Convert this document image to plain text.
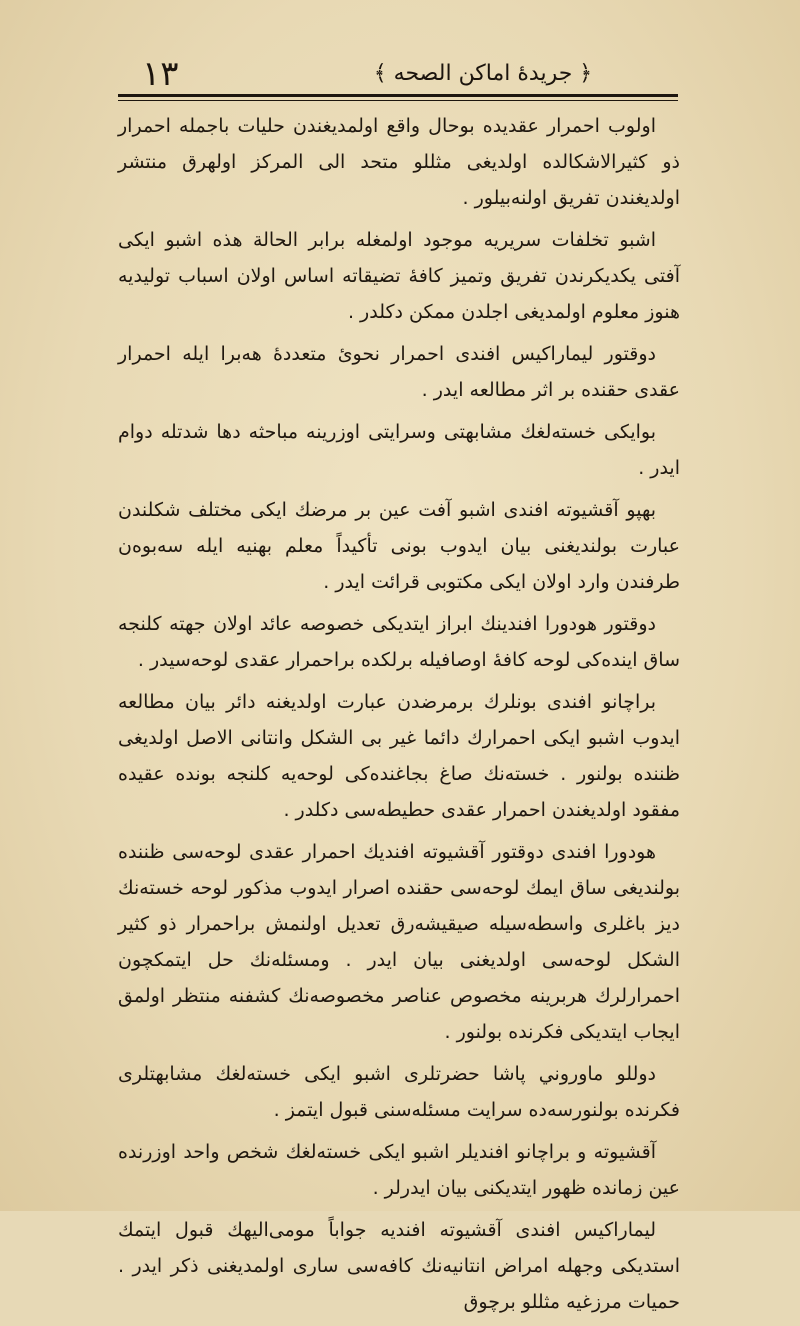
١٣	﴿ جريدهٔ اماكن الصحه ﴾

اولوب احمرار عقديده بوحال واقع اولمديغندن حليات باجمله احمرار ذو كثيرالاشكالده اولديغى مثللو متحد الى المركز اولهرق منتشر اولديغندن تفريق اولنه‌بيلور .

اشبو تخلفات سريريه موجود اولمغله برابر الحالة هذه اشبو ايكى آفتى يكديكرندن تفريق وتميز كافهٔ تضيقاته اساس اولان اسباب توليديه هنوز معلوم اولمديغى اجلدن ممكن دكلدر .

دوقتور ليماراكيس افندى احمرار نحوىٔ متعددهٔ هه‌برا ايله احمرار عقدى حقنده بر اثر مطالعه ايدر .

بوايكى خسته‌لغك مشابهتى وسرايتى اوزرينه مباحثه دها شدتله دوام ايدر .

بهپو آقشيوته افندى اشبو آفت عين بر مرضك ايكى مختلف شكلندن عبارت بولنديغنى بيان ايدوب بونى تأكيداً معلم بهنيه ايله سه‌بوه‌ن طرفندن وارد اولان ايكى مكتوبى قرائت ايدر .

دوقتور هودورا افندينك ابراز ايتديكى خصوصه عائد اولان جهته كلنجه ساق اينده‌كى لوحه كافهٔ اوصافيله برلكده براحمرار عقدى لوحه‌سيدر .

براچانو افندى بونلرك برمرضدن عبارت اولديغنه دائر بيان مطالعه ايدوب اشبو ايكى احمرارك دائما غير بى الشكل وانتانى الاصل اولديغى ظننده بولنور . خسته‌نك صاغ بجاغنده‌كى لوحه‌يه كلنجه بونده عقيده مفقود اولديغندن احمرار عقدى حطيطه‌سى دكلدر .

هودورا افندى دوقتور آقشيوته افنديك احمرار عقدى لوحه‌سى ظننده بولنديغى ساق ايمك لوحه‌سى حقنده اصرار ايدوب مذكور لوحه خسته‌نك ديز باغلرى واسطه‌سيله صيقيشه‌رق تعديل اولنمش براحمرار ذو كثير الشكل لوحه‌سى اولديغنى بيان ايدر . ومسئله‌نك حل ايتمكچون احمرارلرك هربرينه مخصوص عناصر مخصوصه‌نك كشفنه منتظر اولمق ايجاب ايتديكى فكرنده بولنور .

دوللو ماوروني پاشا حضرتلرى اشبو ايكى خسته‌لغك مشابهتلرى فكرنده بولنورسه‌ده سرايت مسئله‌سنى قبول ايتمز .

آقشيوته و براچانو افنديلر اشبو ايكى خسته‌لغك شخص واحد اوزرنده عين زمانده ظهور ايتديكنى بيان ايدرلر .

ليماراكيس افندى آقشيوته افنديه جواباً مومى‌اليهك قبول ايتمك استديكى وجهله امراض انتانيه‌نك كافه‌سى سارى اولمديغنى ذكر ايدر . حميات مرزغيه مثللو برچوق
